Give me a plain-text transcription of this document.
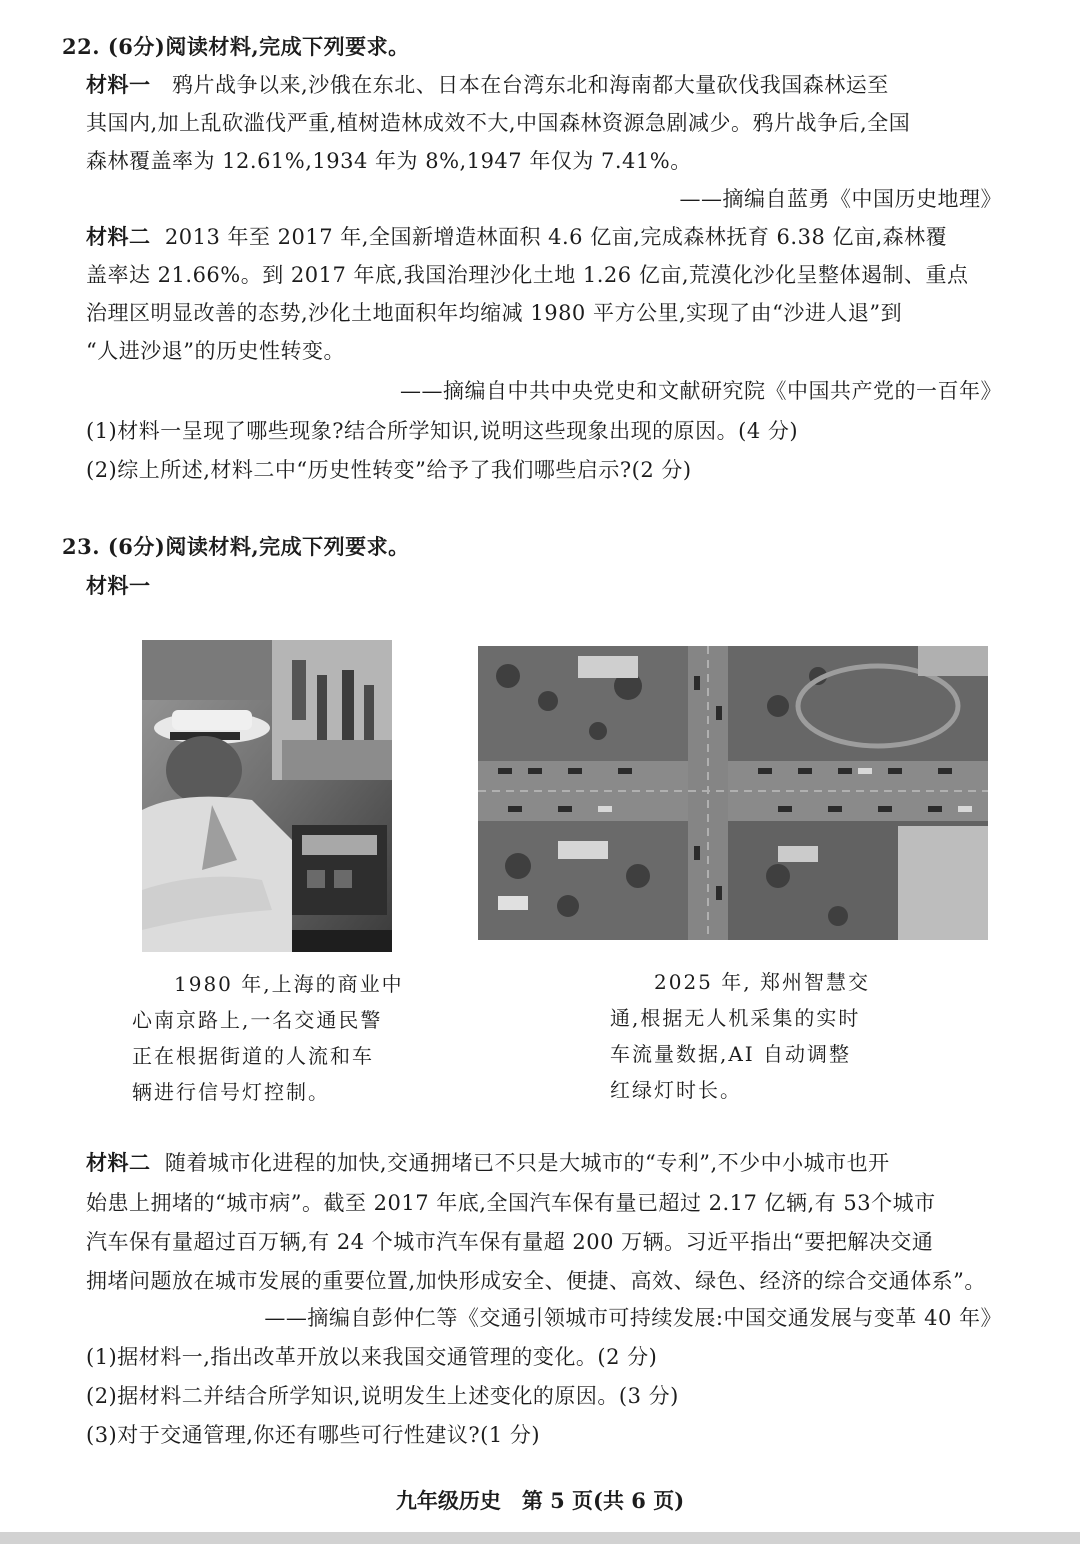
22. (6分)阅读材料,完成下列要求。
材料一 鸦片战争以来,沙俄在东北、日本在台湾东北和海南都大量砍伐我国森林运至
其国内,加上乱砍滥伐严重,植树造林成效不大,中国森林资源急剧减少。鸦片战争后,全国
森林覆盖率为 12.61%,1934 年为 8%,1947 年仅为 7.41%。
——摘编自蓝勇《中国历史地理》
材料二 2013 年至 2017 年,全国新增造林面积 4.6 亿亩,完成森林抚育 6.38 亿亩,森林覆
盖率达 21.66%。到 2017 年底,我国治理沙化土地 1.26 亿亩,荒漠化沙化呈整体遏制、重点
治理区明显改善的态势,沙化土地面积年均缩减 1980 平方公里,实现了由“沙进人退”到
“人进沙退”的历史性转变。
——摘编自中共中央党史和文献研究院《中国共产党的一百年》
(1)材料一呈现了哪些现象?结合所学知识,说明这些现象出现的原因。(4 分)
(2)综上所述,材料二中“历史性转变”给予了我们哪些启示?(2 分)
23. (6分)阅读材料,完成下列要求。
材料一
1980 年,上海的商业中
心南京路上,一名交通民警
正在根据街道的人流和车
辆进行信号灯控制。
2025 年, 郑州智慧交
通,根据无人机采集的实时
车流量数据,AI 自动调整
红绿灯时长。
材料二 随着城市化进程的加快,交通拥堵已不只是大城市的“专利”,不少中小城市也开
始患上拥堵的“城市病”。截至 2017 年底,全国汽车保有量已超过 2.17 亿辆,有 53个城市
汽车保有量超过百万辆,有 24 个城市汽车保有量超 200 万辆。习近平指出“要把解决交通
拥堵问题放在城市发展的重要位置,加快形成安全、便捷、高效、绿色、经济的综合交通体系”。
——摘编自彭仲仁等《交通引领城市可持续发展:中国交通发展与变革 40 年》
(1)据材料一,指出改革开放以来我国交通管理的变化。(2 分)
(2)据材料二并结合所学知识,说明发生上述变化的原因。(3 分)
(3)对于交通管理,你还有哪些可行性建议?(1 分)
九年级历史　第 5 页(共 6 页)
